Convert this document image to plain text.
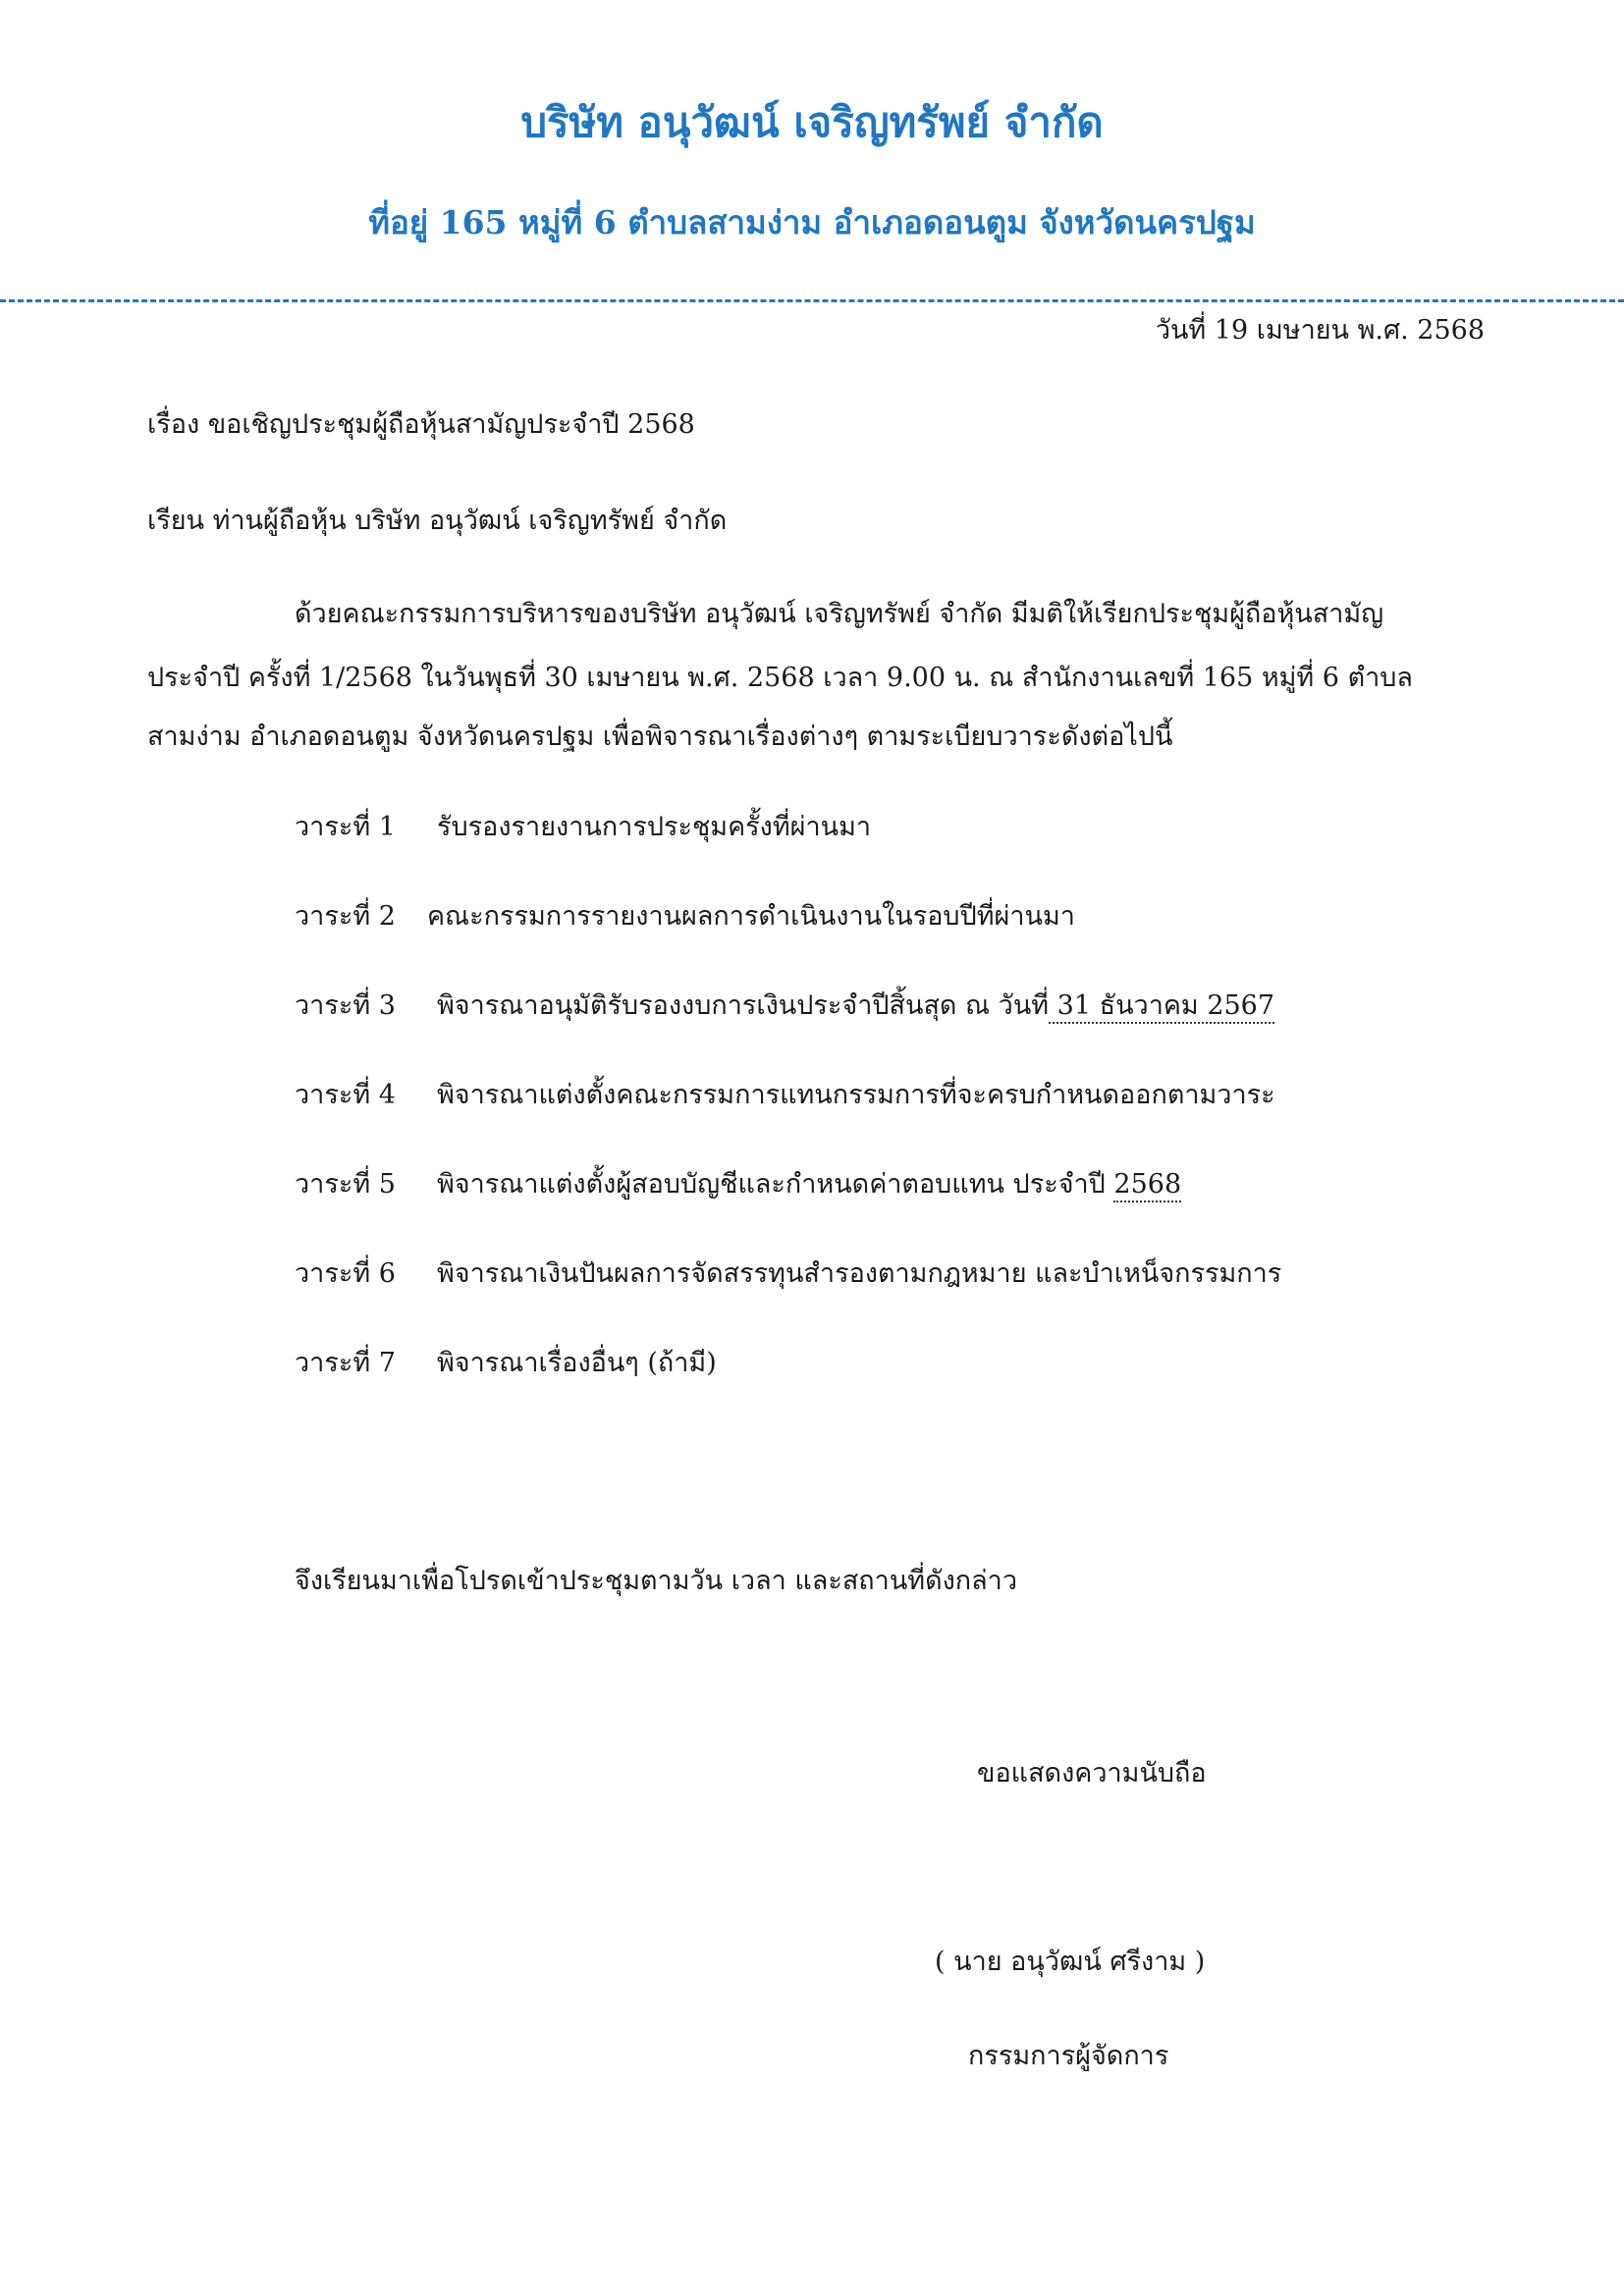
บริษัท อนุวัฒน์ เจริญทรัพย์ จำกัด
ที่อยู่ 165 หมู่ที่ 6 ตำบลสามง่าม อำเภอดอนตูม จังหวัดนครปฐม
วันที่ 19 เมษายน พ.ศ. 2568
เรื่อง ขอเชิญประชุมผู้ถือหุ้นสามัญประจำปี 2568
เรียน ท่านผู้ถือหุ้น บริษัท อนุวัฒน์ เจริญทรัพย์ จำกัด
ด้วยคณะกรรมการบริหารของบริษัท อนุวัฒน์ เจริญทรัพย์ จำกัด มีมติให้เรียกประชุมผู้ถือหุ้นสามัญ
ประจำปี ครั้งที่ 1/2568 ในวันพุธที่ 30 เมษายน พ.ศ. 2568 เวลา 9.00 น. ณ สำนักงานเลขที่ 165 หมู่ที่ 6 ตำบล
สามง่าม อำเภอดอนตูม จังหวัดนครปฐม เพื่อพิจารณาเรื่องต่างๆ ตามระเบียบวาระดังต่อไปนี้
วาระที่ 1 รับรองรายงานการประชุมครั้งที่ผ่านมา
วาระที่ 2 คณะกรรมการรายงานผลการดำเนินงานในรอบปีที่ผ่านมา
วาระที่ 3 พิจารณาอนุมัติรับรองงบการเงินประจำปีสิ้นสุด ณ วันที่ 31 ธันวาคม 2567
วาระที่ 4 พิจารณาแต่งตั้งคณะกรรมการแทนกรรมการที่จะครบกำหนดออกตามวาระ
วาระที่ 5 พิจารณาแต่งตั้งผู้สอบบัญชีและกำหนดค่าตอบแทน ประจำปี 2568
วาระที่ 6 พิจารณาเงินปันผลการจัดสรรทุนสำรองตามกฎหมาย และบำเหน็จกรรมการ
วาระที่ 7 พิจารณาเรื่องอื่นๆ (ถ้ามี)
จึงเรียนมาเพื่อโปรดเข้าประชุมตามวัน เวลา และสถานที่ดังกล่าว
ขอแสดงความนับถือ
( นาย อนุวัฒน์ ศรีงาม )
กรรมการผู้จัดการ
